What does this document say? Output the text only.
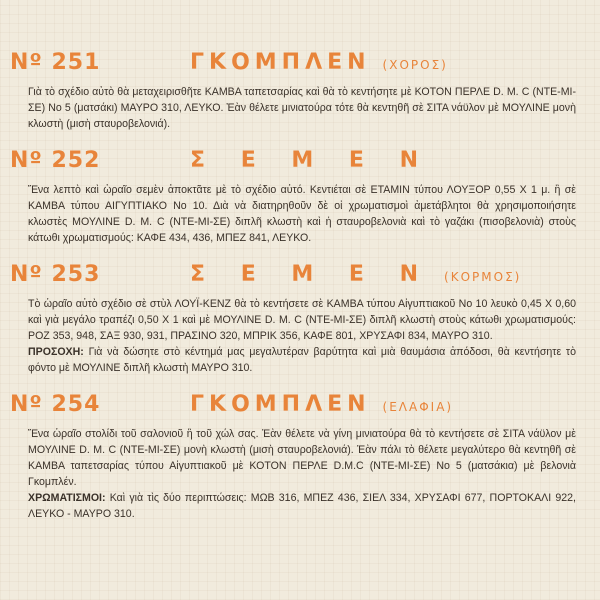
Nº 251	ΓΚΟΜΠΛΕΝ (ΧΟΡΟΣ)

Γιὰ τὸ σχέδιο αὐτὸ θὰ μεταχειρισθῆτε ΚΑΜΒΑ ταπετσαρίας καὶ θὰ τὸ κεντήσητε μὲ ΚΟΤΟΝ ΠΕΡΛΕ D. M. C (ΝΤΕ-ΜΙ-ΣΕ) Νο 5 (ματσάκι) ΜΑΥΡΟ 310, ΛΕΥΚΟ. Ἐὰν θέλετε μινιατούρα τότε θὰ κεντηθῆ σὲ ΣΙΤΑ νάϋλον μὲ ΜΟΥΛΙΝΕ μονὴ κλωστὴ (μισὴ σταυροβελονιά).

Nº 252	Σ Ε Μ Ε Ν

Ἕνα λεπτὸ καὶ ὡραῖο σεμὲν ἀποκτᾶτε μὲ τὸ σχέδιο αὐτό. Κεντιέται σὲ ΕΤΑΜΙΝ τύπου ΛΟΥΞΟΡ 0,55 Χ 1 μ. ἢ σὲ ΚΑΜΒΑ τύπου ΑΙΓΥΠΤΙΑΚΟ Νο 10. Διὰ νὰ διατηρηθοῦν δὲ οἱ χρωματισμοὶ ἀμετάβλητοι θὰ χρησιμοποιήσητε κλωστὲς ΜΟΥΛΙΝΕ D. M. C (ΝΤΕ-ΜΙ-ΣΕ) διπλῆ κλωστὴ καὶ ἡ σταυροβελονιὰ καὶ τὸ γαζάκι (πισοβελονιὰ) στοὺς κάτωθι χρωματισμούς: ΚΑΦΕ 434, 436, ΜΠΕΖ 841, ΛΕΥΚΟ.

Nº 253	Σ Ε Μ Ε Ν (ΚΟΡΜΟΣ)

Τὸ ὡραῖο αὐτὸ σχέδιο σὲ στὺλ ΛΟΥΪ-ΚΕΝΖ θὰ τὸ κεντήσετε σὲ ΚΑΜΒΑ τύπου Αἰγυπτιακοῦ Νο 10 λευκὸ 0,45 Χ 0,60 καὶ γιὰ μεγάλο τραπέζι 0,50 Χ 1 καὶ μὲ ΜΟΥΛΙΝΕ D. M. C (ΝΤΕ-ΜΙ-ΣΕ) διπλῆ κλωστὴ στοὺς κάτωθι χρωματισμούς: ΡΟΖ 353, 948, ΣΑΞ 930, 931, ΠΡΑΣΙΝΟ 320, ΜΠΡΙΚ 356, ΚΑΦΕ 801, ΧΡΥΣΑΦΙ 834, ΜΑΥΡΟ 310.

ΠΡΟΣΟΧΗ: Γιὰ νὰ δώσητε στὸ κέντημά μας μεγαλυτέραν βαρύτητα καὶ μιὰ θαυμάσια ἀπόδοσι, θὰ κεντήσητε τὸ φόντο μὲ ΜΟΥΛΙΝΕ διπλῆ κλωστὴ ΜΑΥΡΟ 310.

Nº 254	ΓΚΟΜΠΛΕΝ (ΕΛΑΦΙΑ)

Ἕνα ὡραῖο στολίδι τοῦ σαλονιοῦ ἢ τοῦ χώλ σας. Ἐὰν θέλετε νὰ γίνη μινιατούρα θὰ τὸ κεντήσετε σὲ ΣΙΤΑ νάϋλον μὲ ΜΟΥΛΙΝΕ D. M. C (ΝΤΕ-ΜΙ-ΣΕ) μονὴ κλωστὴ (μισὴ σταυροβελονιά). Ἐὰν πάλι τὸ θέλετε μεγαλύτερο θὰ κεντηθῆ σὲ ΚΑΜΒΑ ταπετσαρίας τύπου Αἰγυπτιακοῦ μὲ ΚΟΤΟΝ ΠΕΡΛΕ D.M.C (ΝΤΕ-ΜΙ-ΣΕ) Νο 5 (ματσάκια) μὲ βελονιὰ Γκομπλέν.

ΧΡΩΜΑΤΙΣΜΟΙ: Καὶ γιὰ τὶς δύο περιπτώσεις: ΜΩΒ 316, ΜΠΕΖ 436, ΣΙΕΛ 334, ΧΡΥΣΑΦΙ 677, ΠΟΡΤΟΚΑΛΙ 922, ΛΕΥΚΟ - ΜΑΥΡΟ 310.
